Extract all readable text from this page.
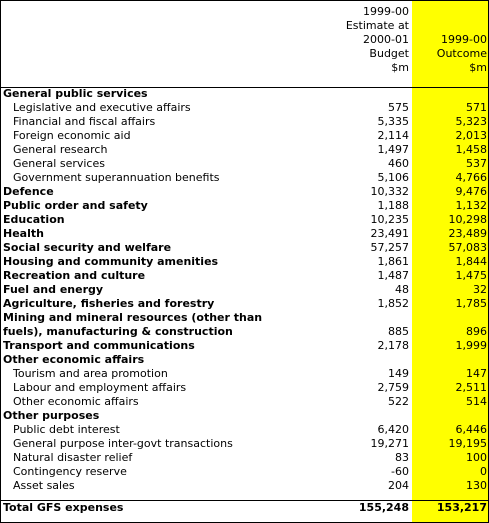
1999-00
Estimate at
2000-01
Budget
$m
1999-00
Outcome
$m
General public services
Legislative and executive affairs	575	571
Financial and fiscal affairs	5,335	5,323
Foreign economic aid	2,114	2,013
General research	1,497	1,458
General services	460	537
Government superannuation benefits	5,106	4,766
Defence	10,332	9,476
Public order and safety	1,188	1,132
Education	10,235	10,298
Health	23,491	23,489
Social security and welfare	57,257	57,083
Housing and community amenities	1,861	1,844
Recreation and culture	1,487	1,475
Fuel and energy	48	32
Agriculture, fisheries and forestry	1,852	1,785
Mining and mineral resources (other than
fuels), manufacturing & construction	885	896
Transport and communications	2,178	1,999
Other economic affairs
Tourism and area promotion	149	147
Labour and employment affairs	2,759	2,511
Other economic affairs	522	514
Other purposes
Public debt interest	6,420	6,446
General purpose inter-govt transactions	19,271	19,195
Natural disaster relief	83	100
Contingency reserve	-60	0
Asset sales	204	130
Total GFS expenses	155,248	153,217
